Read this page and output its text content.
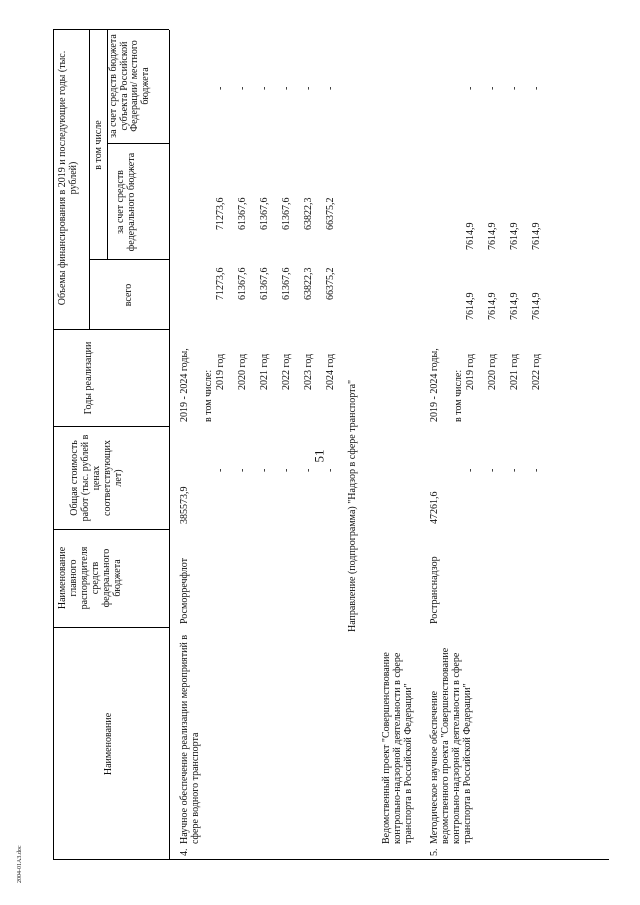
51
2004-01А3.doc
Наименование
Наименование главного распорядителя средств федерального бюджета
Общая стоимость работ (тыс. рублей в ценах соответствующих лет)
Годы реализации
Объемы финансирования в 2019 и последующие годы (тыс. рублей)
всего
в том числе
за счет средств федерального бюджета
за счет средств бюджета субъекта Российской Федерации/ местного бюджета
4.
Научное обеспечение реализации мероприятий в сфере водного транспорта
Росморречфлот
385573,9
2019 - 2024 годы, в том числе:
-
2019 год
71273,6
71273,6
-
-
2020 год
61367,6
61367,6
-
-
2021 год
61367,6
61367,6
-
-
2022 год
61367,6
61367,6
-
-
2023 год
63822,3
63822,3
-
-
2024 год
66375,2
66375,2
-
Направление (подпрограмма) "Надзор в сфере транспорта"
Ведомственный проект "Совершенствование контрольно-надзорной деятельности в сфере транспорта в Российской Федерации"
5.
Методическое научное обеспечение ведомственного проекта "Совершенствование контрольно-надзорной деятельности в сфере транспорта в Российской Федерации"
Ространснадзор
47261,6
2019 - 2024 годы, в том числе:
-
2019 год
7614,9
7614,9
-
-
2020 год
7614,9
7614,9
-
-
2021 год
7614,9
7614,9
-
-
2022 год
7614,9
7614,9
-
